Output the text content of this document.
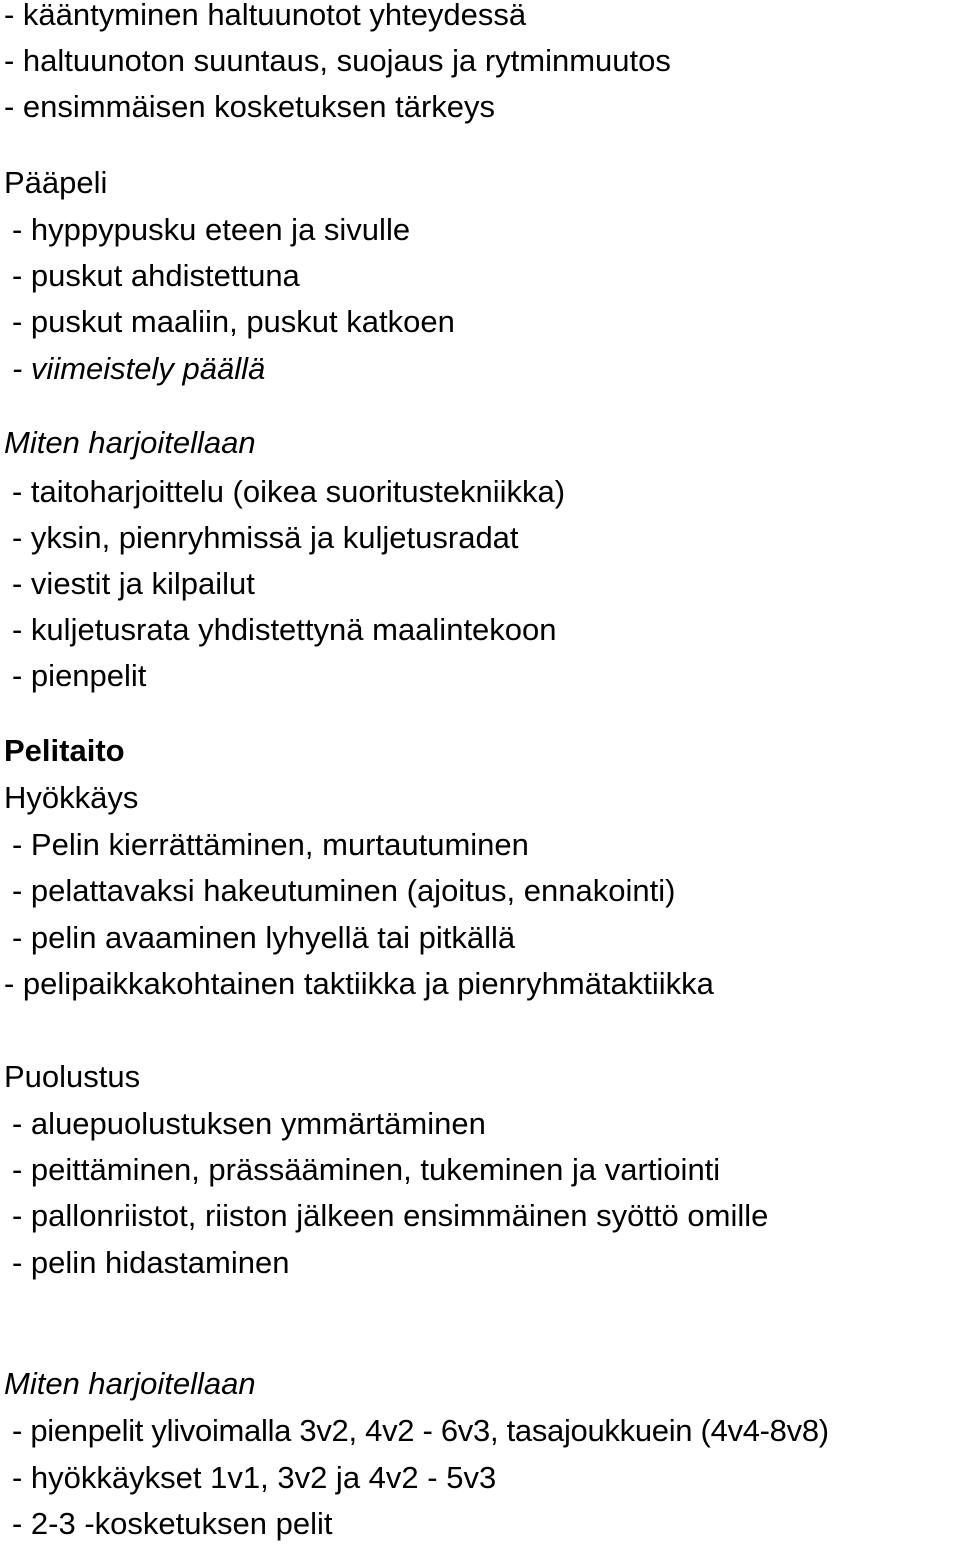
- kääntyminen haltuunotot yhteydessä

- haltuunoton suuntaus, suojaus ja rytminmuutos

- ensimmäisen kosketuksen tärkeys

Pääpeli

- hyppypusku eteen ja sivulle

- puskut ahdistettuna

- puskut maaliin, puskut katkoen

- viimeistely päällä

Miten harjoitellaan

- taitoharjoittelu (oikea suoritustekniikka)

- yksin, pienryhmissä ja kuljetusradat

- viestit ja kilpailut

- kuljetusrata yhdistettynä maalintekoon

- pienpelit

Pelitaito
Hyökkäys

- Pelin kierrättäminen, murtautuminen

- pelattavaksi hakeutuminen (ajoitus, ennakointi)

- pelin avaaminen lyhyellä tai pitkällä

- pelipaikkakohtainen taktiikka ja pienryhmätaktiikka

Puolustus

- aluepuolustuksen ymmärtäminen

- peittäminen, prässääminen, tukeminen ja vartiointi

- pallonriistot, riiston jälkeen ensimmäinen syöttö omille

- pelin hidastaminen

Miten harjoitellaan

- pienpelit ylivoimalla 3v2, 4v2 - 6v3, tasajoukkuein (4v4-8v8)

- hyökkäykset 1v1, 3v2 ja 4v2 - 5v3

- 2-3 -kosketuksen pelit
